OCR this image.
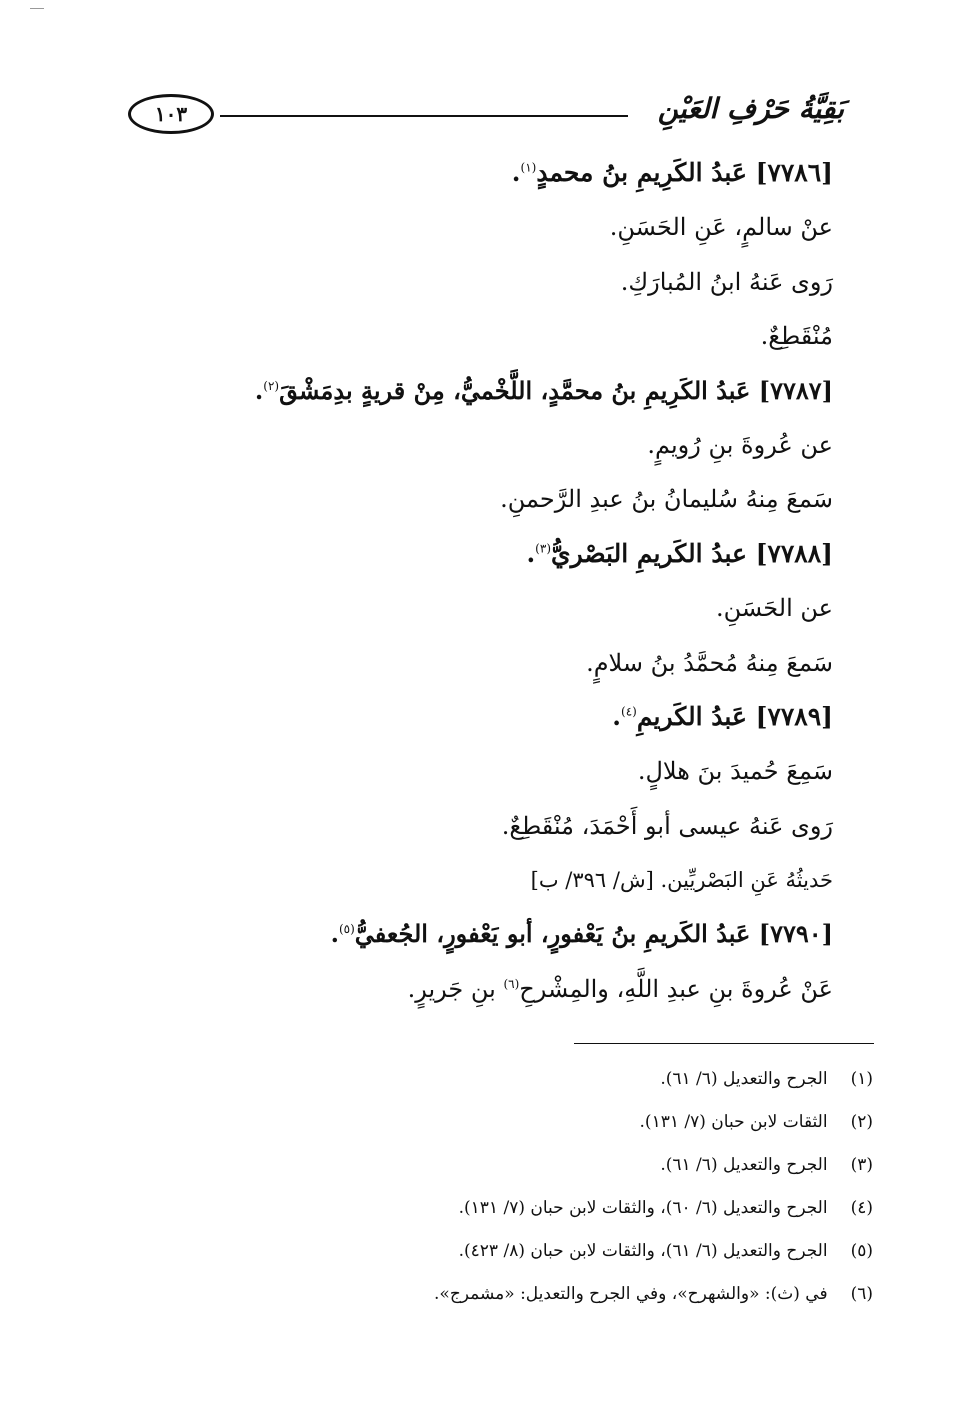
١٠٣	بَقِيَّةُ حَرْفِ العَيْنِ
[٧٧٨٦] عَبدُ الكَرِيمِ بنُ محمدٍ$^{(١)}$.
عنْ سالمٍ، عَنِ الحَسَنِ.
رَوى عَنهُ ابنُ المُبارَكِ.
مُنْقَطِعٌ.
[٧٧٨٧] عَبدُ الكَرِيمِ بنُ محمَّدٍ، اللَّخْميُّ، مِنْ قريةٍ بدِمَشْقَ$^{(٢)}$.
عن عُروةَ بنِ رُويمٍ.
سَمعَ مِنهُ سُليمانُ بنُ عبدِ الرَّحمنِ.
[٧٧٨٨] عبدُ الكَريمِ البَصْريُّ$^{(٣)}$.
عن الحَسَنِ.
سَمعَ مِنهُ مُحمَّدُ بنُ سلامٍ.
[٧٧٨٩] عَبدُ الكَريمِ$^{(٤)}$.
سَمِعَ حُميدَ بنَ هلالٍ.
رَوى عَنهُ عيسى أبو أَحْمَدَ، مُنْقَطِعٌ.
حَديثُهُ عَنِ البَصْريِّين. [ش/ ٣٩٦/ ب]
[٧٧٩٠] عَبدُ الكَريمِ بنُ يَعْفورٍ، أبو يَعْفورٍ، الجُعفيُّ$^{(٥)}$.
عَنْ عُروةَ بنِ عبدِ اللَّهِ، والمِشْرحِ$^{(٦)}$ بنِ جَريرٍ.
(١) الجرح والتعديل (٦/ ٦١).
(٢) الثقات لابن حبان (٧/ ١٣١).
(٣) الجرح والتعديل (٦/ ٦١).
(٤) الجرح والتعديل (٦/ ٦٠)، والثقات لابن حبان (٧/ ١٣١).
(٥) الجرح والتعديل (٦/ ٦١)، والثقات لابن حبان (٨/ ٤٢٣).
(٦) في (ث): «والشهرح»، وفي الجرح والتعديل: «مشمرج».
